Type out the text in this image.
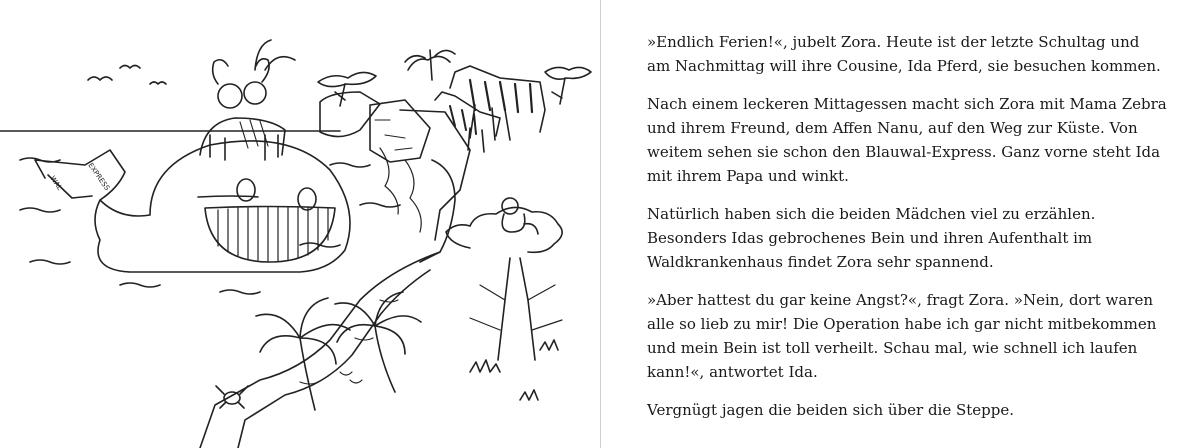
WAL	EXPRESS

»Endlich Ferien!«, jubelt Zora. Heute ist der letzte Schultag und am Nachmittag will ihre Cousine, Ida Pferd, sie besuchen kommen.

Nach einem leckeren Mittagessen macht sich Zora mit Mama Zebra und ihrem Freund, dem Affen Nanu, auf den Weg zur Küste. Von weitem sehen sie schon den Blauwal-Express. Ganz vorne steht Ida mit ihrem Papa und winkt.

Natürlich haben sich die beiden Mädchen viel zu erzählen. Besonders Idas gebrochenes Bein und ihren Aufenthalt im Waldkrankenhaus findet Zora sehr spannend.

»Aber hattest du gar keine Angst?«, fragt Zora. »Nein, dort waren alle so lieb zu mir! Die Operation habe ich gar nicht mitbekommen und mein Bein ist toll verheilt. Schau mal, wie schnell ich laufen kann!«, antwortet Ida.

Vergnügt jagen die beiden sich über die Steppe.
